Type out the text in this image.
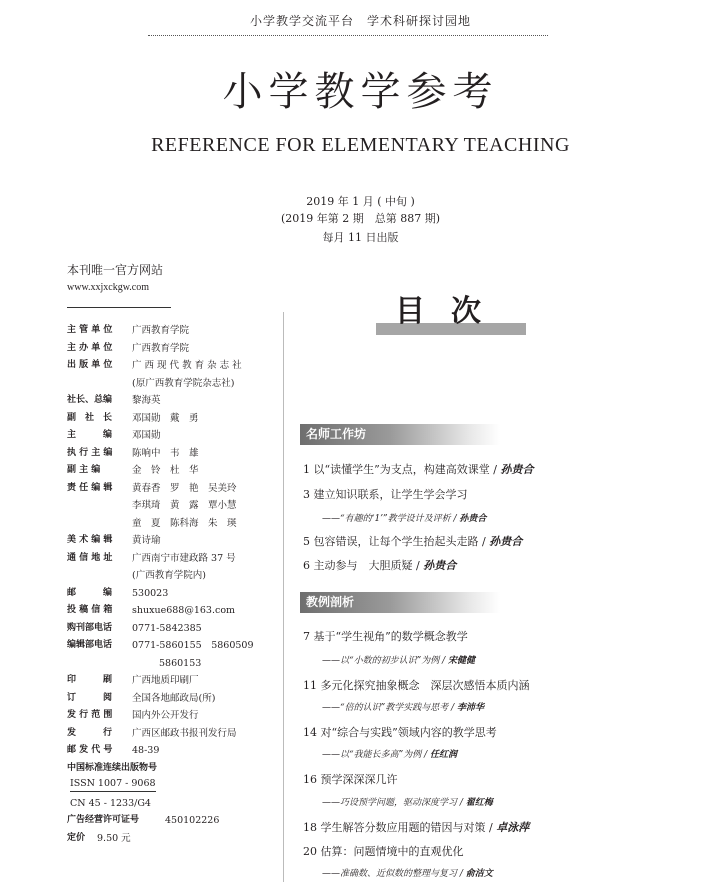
小学教学交流平台　学术科研探讨园地
小学教学参考
REFERENCE FOR ELEMENTARY TEACHING
2019 年 1 月 ( 中旬 )
(2019 年第 2 期　总第 887 期)
每月 11 日出版
本刊唯一官方网站
www.xxjxckgw.com
主 管 单 位	广西教育学院
主 办 单 位	广西教育学院
出 版 单 位	广 西 现 代 教 育 杂 志 社
(原广西教育学院杂志社)
社长、总编	黎海英
副　社　长	邓国勋　戴　勇
主　　　编	邓国勋
执 行 主 编	陈响中　韦　雄
副 主 编	金　铃　杜　华
责 任 编 辑	黄春香　罗　艳　吴美玲
李琪琦　黄　露　覃小慧
童　夏　陈科海　朱　瑛
美 术 编 辑	黄诗瑜
通 信 地 址	广西南宁市建政路 37 号
(广西教育学院内)
邮　　　编	530023
投 稿 信 箱	shuxue688@163.com
购刊部电话	0771-5842385
编辑部电话	0771-5860155　5860509
5860153
印　　　刷	广西地质印刷厂
订　　　阅	全国各地邮政局(所)
发 行 范 围	国内外公开发行
发　　　行	广西区邮政书报刊发行局
邮 发 代 号	48-39
中国标准连续出版物号
ISSN 1007 - 9068
CN 45 - 1233/G4
广告经营许可证号	450102226
定价	9.50 元
目次
名师工作坊
1 以“读懂学生”为支点，构建高效课堂 / 孙贵合
3 建立知识联系，让学生学会学习
——“有趣的‘1’”教学设计及评析 / 孙贵合
5 包容错误，让每个学生抬起头走路 / 孙贵合
6 主动参与　大胆质疑 / 孙贵合
教例剖析
7 基于“学生视角”的数学概念教学
——以“小数的初步认识”为例 / 宋健健
11 多元化探究抽象概念　深层次感悟本质内涵
——“倍的认识”教学实践与思考 / 李沛华
14 对“综合与实践”领域内容的教学思考
——以“我能长多高”为例 / 任红润
16 预学深深深几许
——巧设预学问题，驱动深度学习 / 翟红梅
18 学生解答分数应用题的错因与对策 / 卓泳萍
20 估算：问题情境中的直观优化
——准确数、近似数的整理与复习 / 俞洁文
